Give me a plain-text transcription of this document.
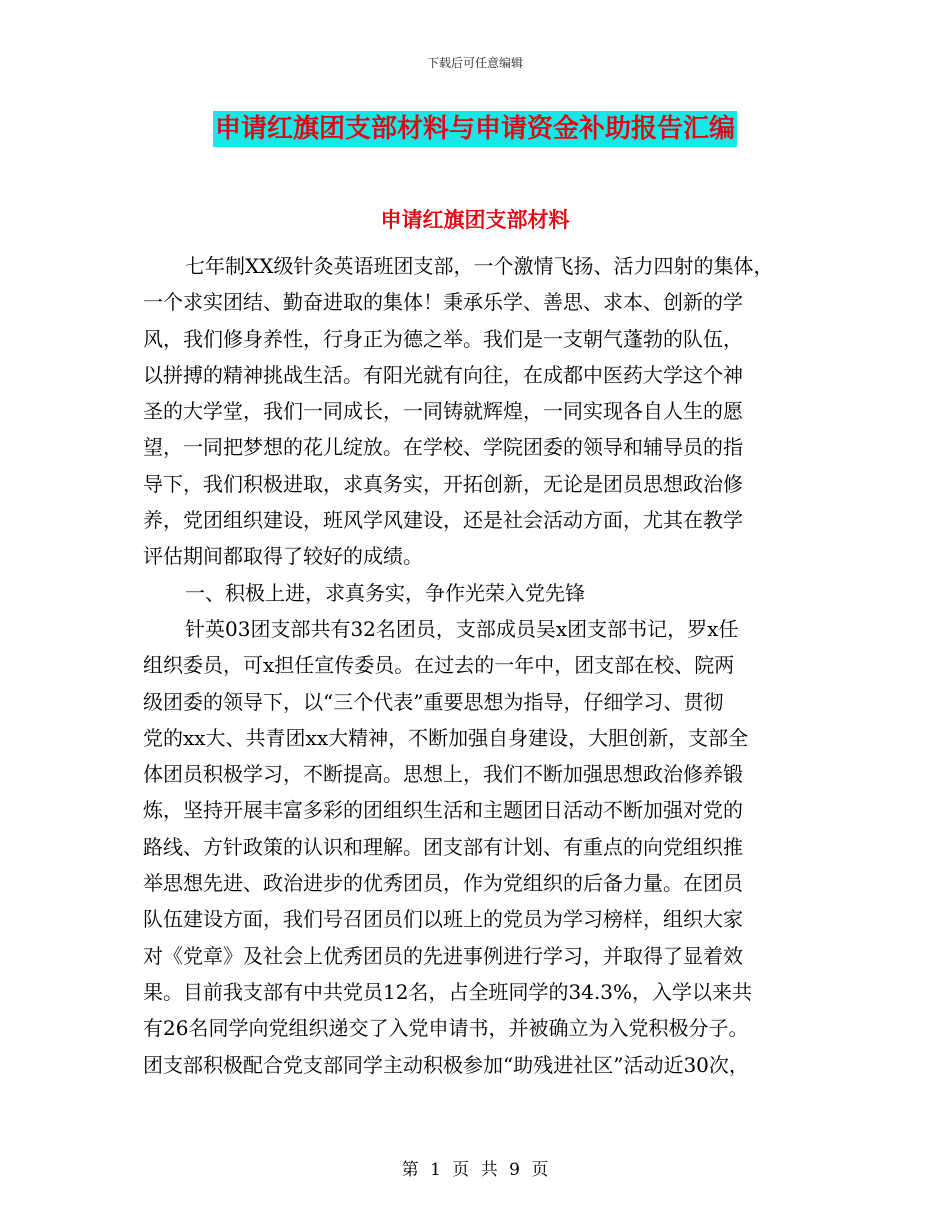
下载后可任意编辑
申请红旗团支部材料与申请资金补助报告汇编
申请红旗团支部材料
七年制XX级针灸英语班团支部，一个激情飞扬、活力四射的集体，
一个求实团结、勤奋进取的集体！秉承乐学、善思、求本、创新的学
风，我们修身养性，行身正为德之举。我们是一支朝气蓬勃的队伍，
以拼搏的精神挑战生活。有阳光就有向往，在成都中医药大学这个神
圣的大学堂，我们一同成长，一同铸就辉煌，一同实现各自人生的愿
望，一同把梦想的花儿绽放。在学校、学院团委的领导和辅导员的指
导下，我们积极进取，求真务实，开拓创新，无论是团员思想政治修
养，党团组织建设，班风学风建设，还是社会活动方面，尤其在教学
评估期间都取得了较好的成绩。
一、积极上进，求真务实，争作光荣入党先锋
针英03团支部共有32名团员，支部成员吴x团支部书记，罗x任
组织委员，可x担任宣传委员。在过去的一年中，团支部在校、院两
级团委的领导下，以“三个代表”重要思想为指导，仔细学习、贯彻
党的xx大、共青团xx大精神，不断加强自身建设，大胆创新，支部全
体团员积极学习，不断提高。思想上，我们不断加强思想政治修养锻
炼，坚持开展丰富多彩的团组织生活和主题团日活动不断加强对党的
路线、方针政策的认识和理解。团支部有计划、有重点的向党组织推
举思想先进、政治进步的优秀团员，作为党组织的后备力量。在团员
队伍建设方面，我们号召团员们以班上的党员为学习榜样，组织大家
对《党章》及社会上优秀团员的先进事例进行学习，并取得了显着效
果。目前我支部有中共党员12名，占全班同学的34.3%，入学以来共
有26名同学向党组织递交了入党申请书，并被确立为入党积极分子。
团支部积极配合党支部同学主动积极参加“助残进社区”活动近30次，
第 1 页 共 9 页
